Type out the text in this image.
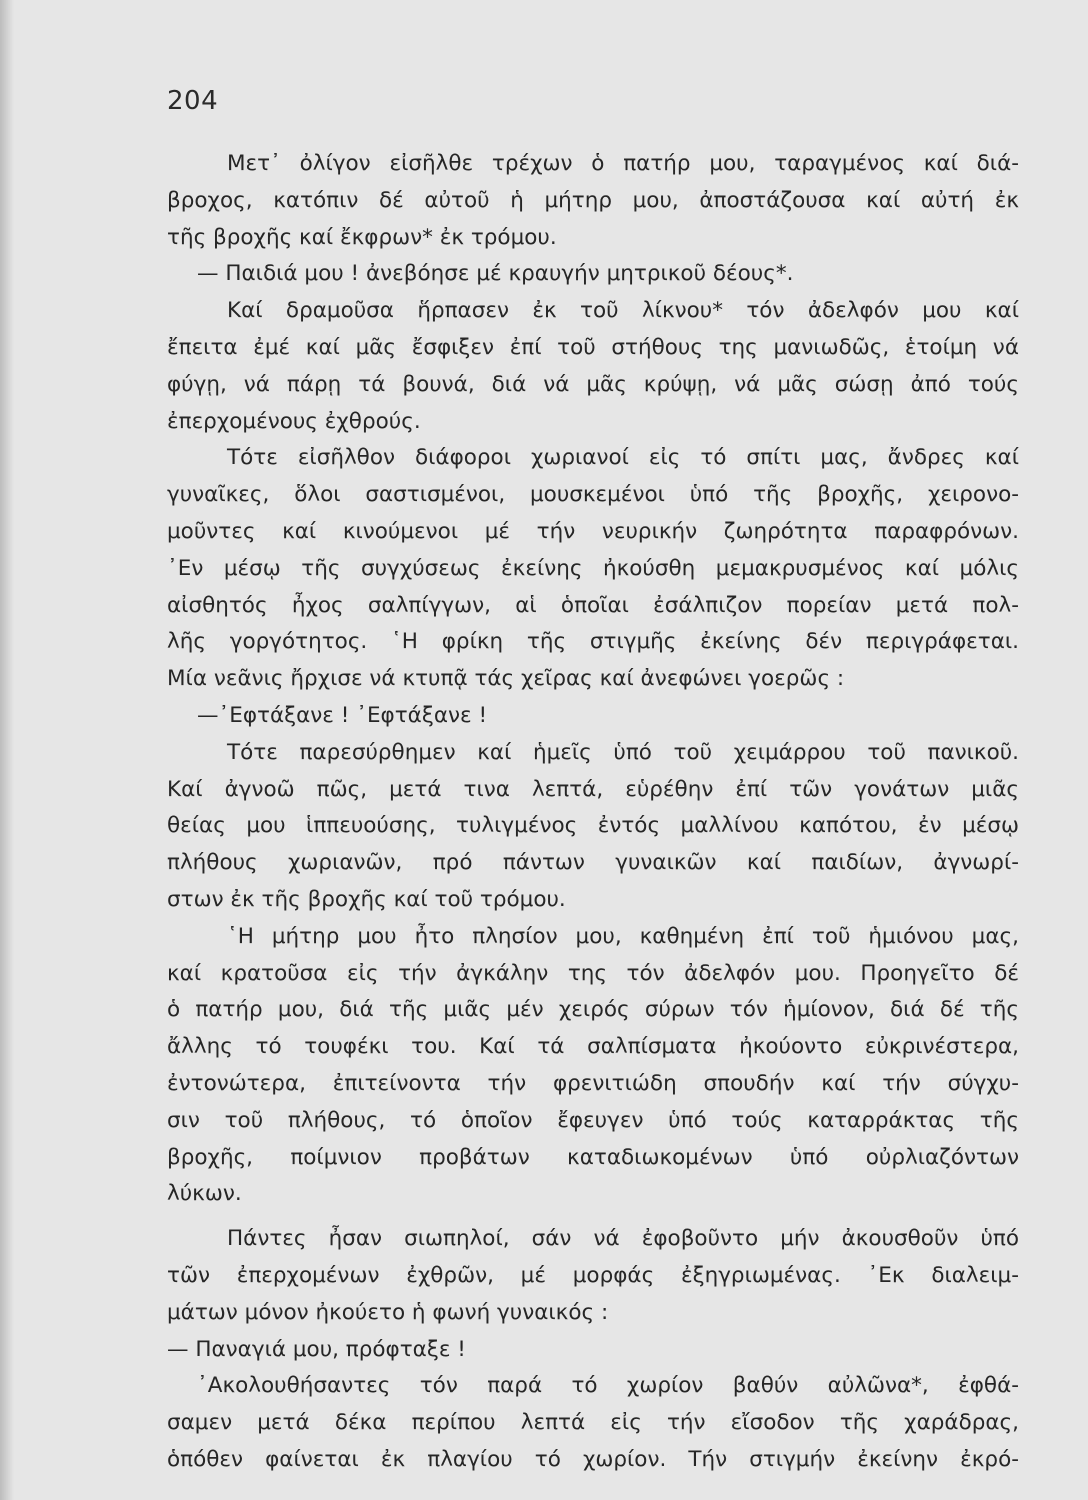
204
Μετ᾽ ὀλίγον εἰσῆλθε τρέχων ὁ πατήρ μου, ταραγμένος καί διά-
βροχος, κατόπιν δέ αὐτοῦ ἡ μήτηρ μου, ἀποστάζουσα καί αὐτή ἐκ
τῆς βροχῆς καί ἔκφρων* ἐκ τρόμου.
— Παιδιά μου ! ἀνεβόησε μέ κραυγήν μητρικοῦ δέους*.
Καί δραμοῦσα ἥρπασεν ἐκ τοῦ λίκνου* τόν ἀδελφόν μου καί
ἔπειτα ἐμέ καί μᾶς ἔσφιξεν ἐπί τοῦ στήθους της μανιωδῶς, ἑτοίμη νά
φύγῃ, νά πάρῃ τά βουνά, διά νά μᾶς κρύψῃ, νά μᾶς σώσῃ ἀπό τούς
ἐπερχομένους ἐχθρούς.
Τότε εἰσῆλθον διάφοροι χωριανοί εἰς τό σπίτι μας, ἄνδρες καί
γυναῖκες, ὅλοι σαστισμένοι, μουσκεμένοι ὑπό τῆς βροχῆς, χειρονο-
μοῦντες καί κινούμενοι μέ τήν νευρικήν ζωηρότητα παραφρόνων.
᾽Εν μέσῳ τῆς συγχύσεως ἐκείνης ἠκούσθη μεμακρυσμένος καί μόλις
αἰσθητός ἦχος σαλπίγγων, αἱ ὁποῖαι ἐσάλπιζον πορείαν μετά πολ-
λῆς γοργότητος. ῾Η φρίκη τῆς στιγμῆς ἐκείνης δέν περιγράφεται.
Μία νεᾶνις ἤρχισε νά κτυπᾷ τάς χεῖρας καί ἀνεφώνει γοερῶς :
—᾽Εφτάξανε ! ᾽Εφτάξανε !
Τότε παρεσύρθημεν καί ἡμεῖς ὑπό τοῦ χειμάρρου τοῦ πανικοῦ.
Καί ἀγνοῶ πῶς, μετά τινα λεπτά, εὑρέθην ἐπί τῶν γονάτων μιᾶς
θείας μου ἱππευούσης, τυλιγμένος ἐντός μαλλίνου καπότου, ἐν μέσῳ
πλήθους χωριανῶν, πρό πάντων γυναικῶν καί παιδίων, ἀγνωρί-
στων ἐκ τῆς βροχῆς καί τοῦ τρόμου.
῾Η μήτηρ μου ἦτο πλησίον μου, καθημένη ἐπί τοῦ ἡμιόνου μας,
καί κρατοῦσα εἰς τήν ἀγκάλην της τόν ἀδελφόν μου. Προηγεῖτο δέ
ὁ πατήρ μου, διά τῆς μιᾶς μέν χειρός σύρων τόν ἡμίονον, διά δέ τῆς
ἄλλης τό τουφέκι του. Καί τά σαλπίσματα ἠκούοντο εὐκρινέστερα,
ἐντονώτερα, ἐπιτείνοντα τήν φρενιτιώδη σπουδήν καί τήν σύγχυ-
σιν τοῦ πλήθους, τό ὁποῖον ἔφευγεν ὑπό τούς καταρράκτας τῆς
βροχῆς, ποίμνιον προβάτων καταδιωκομένων ὑπό οὐρλιαζόντων
λύκων.
Πάντες ἦσαν σιωπηλοί, σάν νά ἐφοβοῦντο μήν ἀκουσθοῦν ὑπό
τῶν ἐπερχομένων ἐχθρῶν, μέ μορφάς ἐξηγριωμένας. ᾽Εκ διαλειμ-
μάτων μόνον ἠκούετο ἡ φωνή γυναικός :
— Παναγιά μου, πρόφταξε !
᾽Ακολουθήσαντες τόν παρά τό χωρίον βαθύν αὐλῶνα*, ἐφθά-
σαμεν μετά δέκα περίπου λεπτά εἰς τήν εἴσοδον τῆς χαράδρας,
ὁπόθεν φαίνεται ἐκ πλαγίου τό χωρίον. Τήν στιγμήν ἐκείνην ἐκρό-
